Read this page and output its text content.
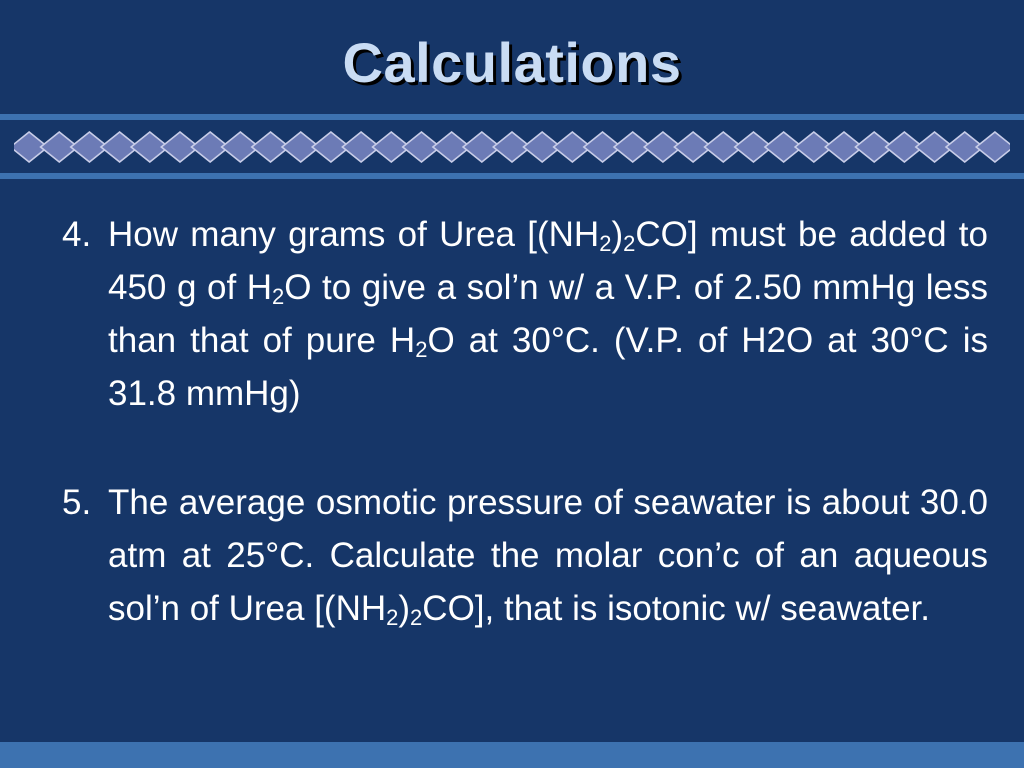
Calculations

4. How many grams of Urea $[(NH_2)_2CO]$ must be added to 450 g of $H_2O$ to give a sol’n w/ a V.P. of 2.50 mmHg less than that of pure $H_2O$ at 30°C. (V.P. of H2O at 30°C is 31.8 mmHg)

5. The average osmotic pressure of seawater is about 30.0 atm at 25°C. Calculate the molar con’c of an aqueous sol’n of Urea $[(NH_2)_2CO]$, that is isotonic w/ seawater.
